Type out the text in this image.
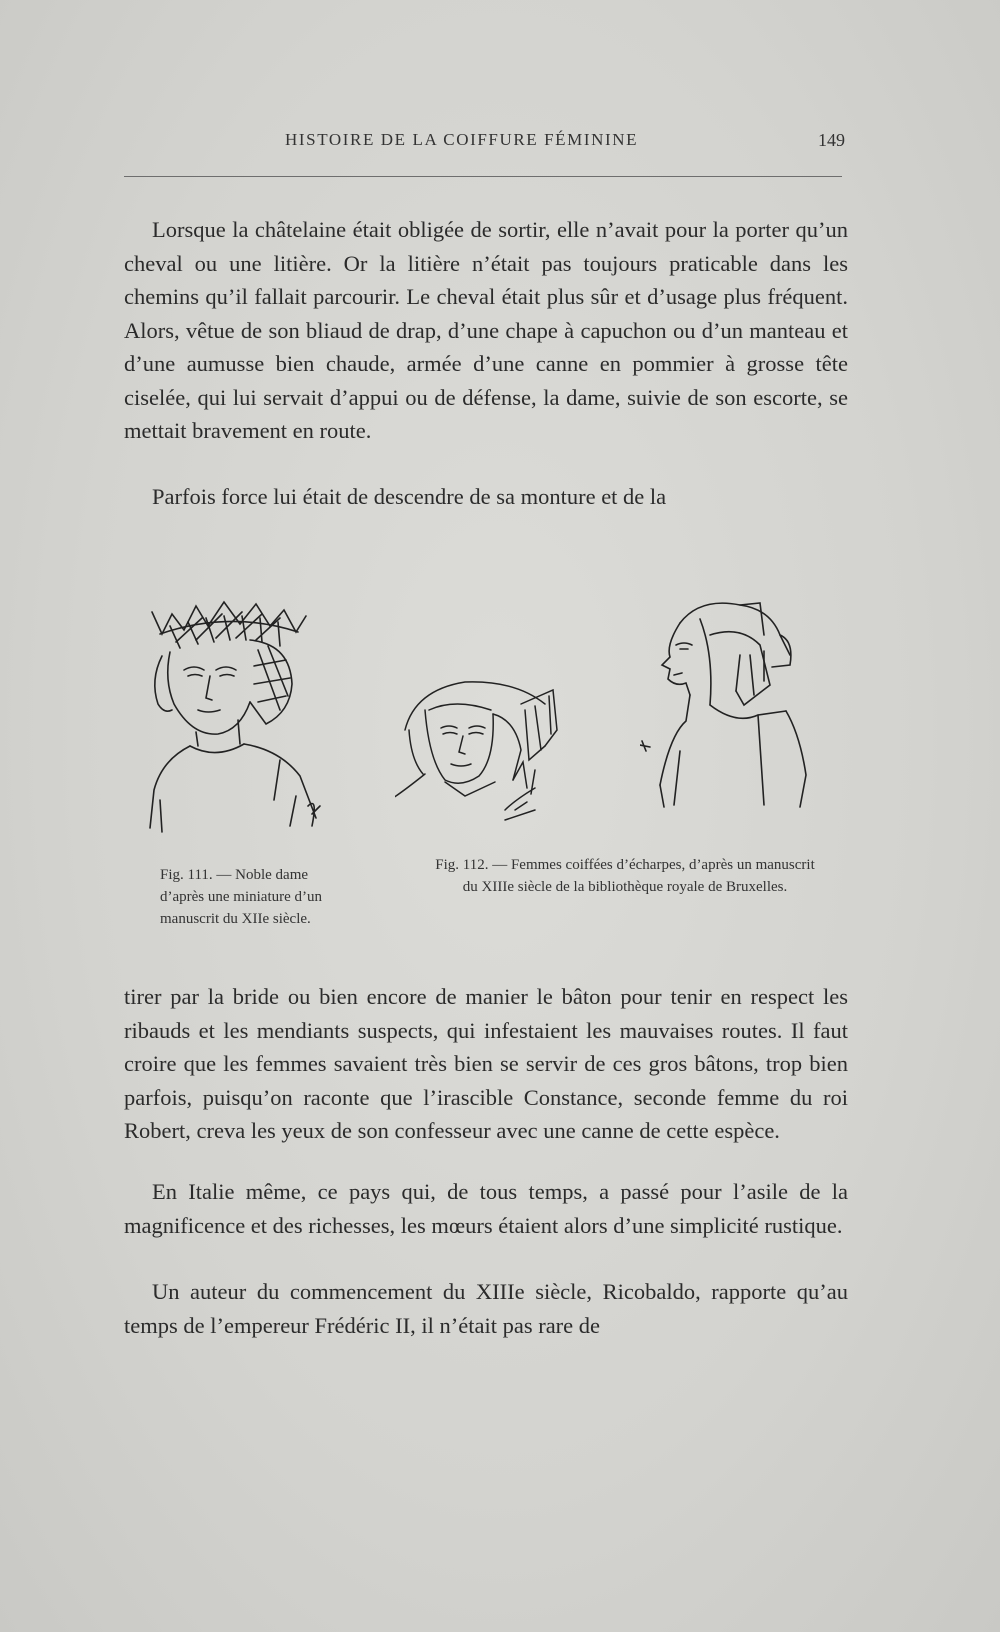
HISTOIRE DE LA COIFFURE FÉMININE	149

Lorsque la châtelaine était obligée de sortir, elle n’avait pour la porter qu’un cheval ou une litière. Or la litière n’était pas toujours praticable dans les chemins qu’il fallait parcourir. Le cheval était plus sûr et d’usage plus fréquent. Alors, vêtue de son bliaud de drap, d’une chape à capuchon ou d’un manteau et d’une aumusse bien chaude, armée d’une canne en pommier à grosse tête ciselée, qui lui servait d’appui ou de défense, la dame, suivie de son escorte, se mettait bravement en route.

Parfois force lui était de descendre de sa monture et de la

Fig. 111. — Noble dame d’après une miniature d’un manuscrit du XIIe siècle.
Fig. 112. — Femmes coiffées d’écharpes, d’après un manuscrit
du XIIIe siècle de la bibliothèque royale de Bruxelles.

tirer par la bride ou bien encore de manier le bâton pour tenir en respect les ribauds et les mendiants suspects, qui infestaient les mauvaises routes. Il faut croire que les femmes savaient très bien se servir de ces gros bâtons, trop bien parfois, puisqu’on raconte que l’irascible Constance, seconde femme du roi Robert, creva les yeux de son confesseur avec une canne de cette espèce.

En Italie même, ce pays qui, de tous temps, a passé pour l’asile de la magnificence et des richesses, les mœurs étaient alors d’une simplicité rustique.

Un auteur du commencement du XIIIe siècle, Ricobaldo, rapporte qu’au temps de l’empereur Frédéric II, il n’était pas rare de
